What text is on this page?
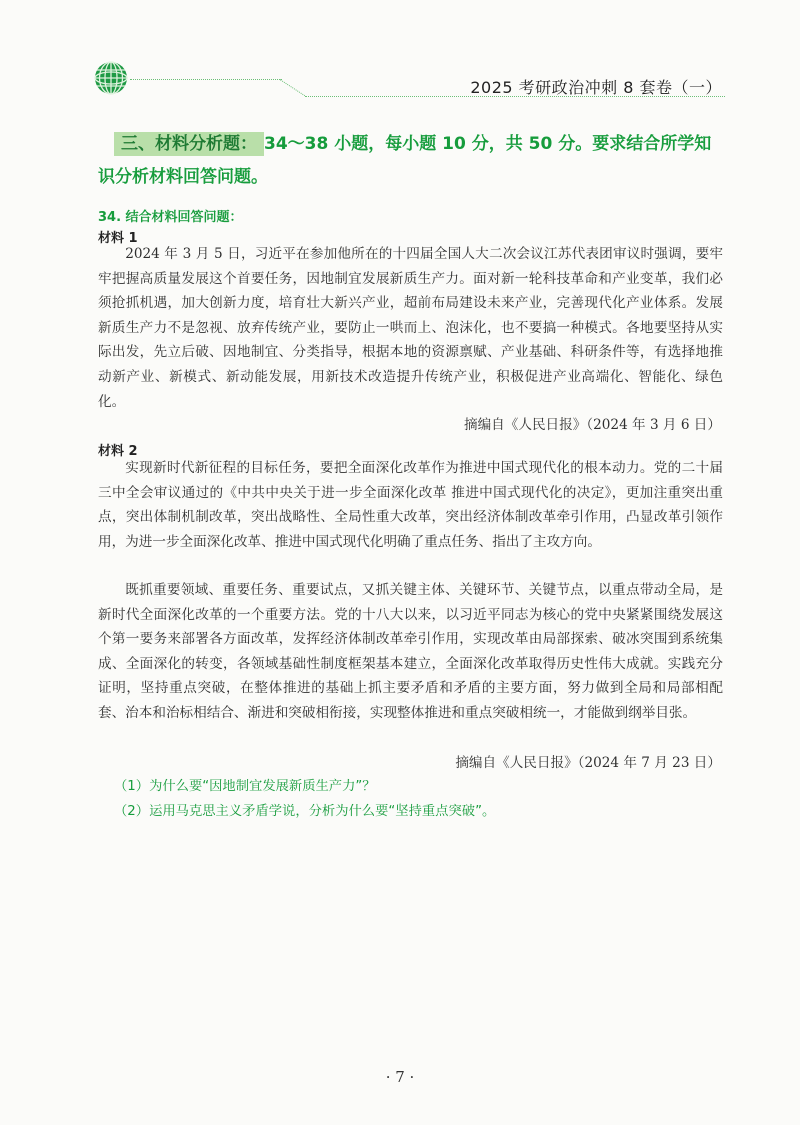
2025 考研政治冲刺 8 套卷（一）
三、材料分析题： 34～38 小题，每小题 10 分，共 50 分。要求结合所学知识分析材料回答问题。
34. 结合材料回答问题：
材料 1
2024 年 3 月 5 日，习近平在参加他所在的十四届全国人大二次会议江苏代表团审议时强调，要牢牢把握高质量发展这个首要任务，因地制宜发展新质生产力。面对新一轮科技革命和产业变革，我们必须抢抓机遇，加大创新力度，培育壮大新兴产业，超前布局建设未来产业，完善现代化产业体系。发展新质生产力不是忽视、放弃传统产业，要防止一哄而上、泡沫化，也不要搞一种模式。各地要坚持从实际出发，先立后破、因地制宜、分类指导，根据本地的资源禀赋、产业基础、科研条件等，有选择地推动新产业、新模式、新动能发展，用新技术改造提升传统产业，积极促进产业高端化、智能化、绿色化。
摘编自《人民日报》（2024 年 3 月 6 日）
材料 2
实现新时代新征程的目标任务，要把全面深化改革作为推进中国式现代化的根本动力。党的二十届三中全会审议通过的《中共中央关于进一步全面深化改革 推进中国式现代化的决定》，更加注重突出重点，突出体制机制改革，突出战略性、全局性重大改革，突出经济体制改革牵引作用，凸显改革引领作用，为进一步全面深化改革、推进中国式现代化明确了重点任务、指出了主攻方向。
既抓重要领域、重要任务、重要试点，又抓关键主体、关键环节、关键节点，以重点带动全局，是新时代全面深化改革的一个重要方法。党的十八大以来，以习近平同志为核心的党中央紧紧围绕发展这个第一要务来部署各方面改革，发挥经济体制改革牵引作用，实现改革由局部探索、破冰突围到系统集成、全面深化的转变，各领域基础性制度框架基本建立，全面深化改革取得历史性伟大成就。实践充分证明，坚持重点突破，在整体推进的基础上抓主要矛盾和矛盾的主要方面，努力做到全局和局部相配套、治本和治标相结合、渐进和突破相衔接，实现整体推进和重点突破相统一，才能做到纲举目张。
摘编自《人民日报》（2024 年 7 月 23 日）
（1）为什么要“因地制宜发展新质生产力”？
（2）运用马克思主义矛盾学说，分析为什么要“坚持重点突破”。
· 7 ·
